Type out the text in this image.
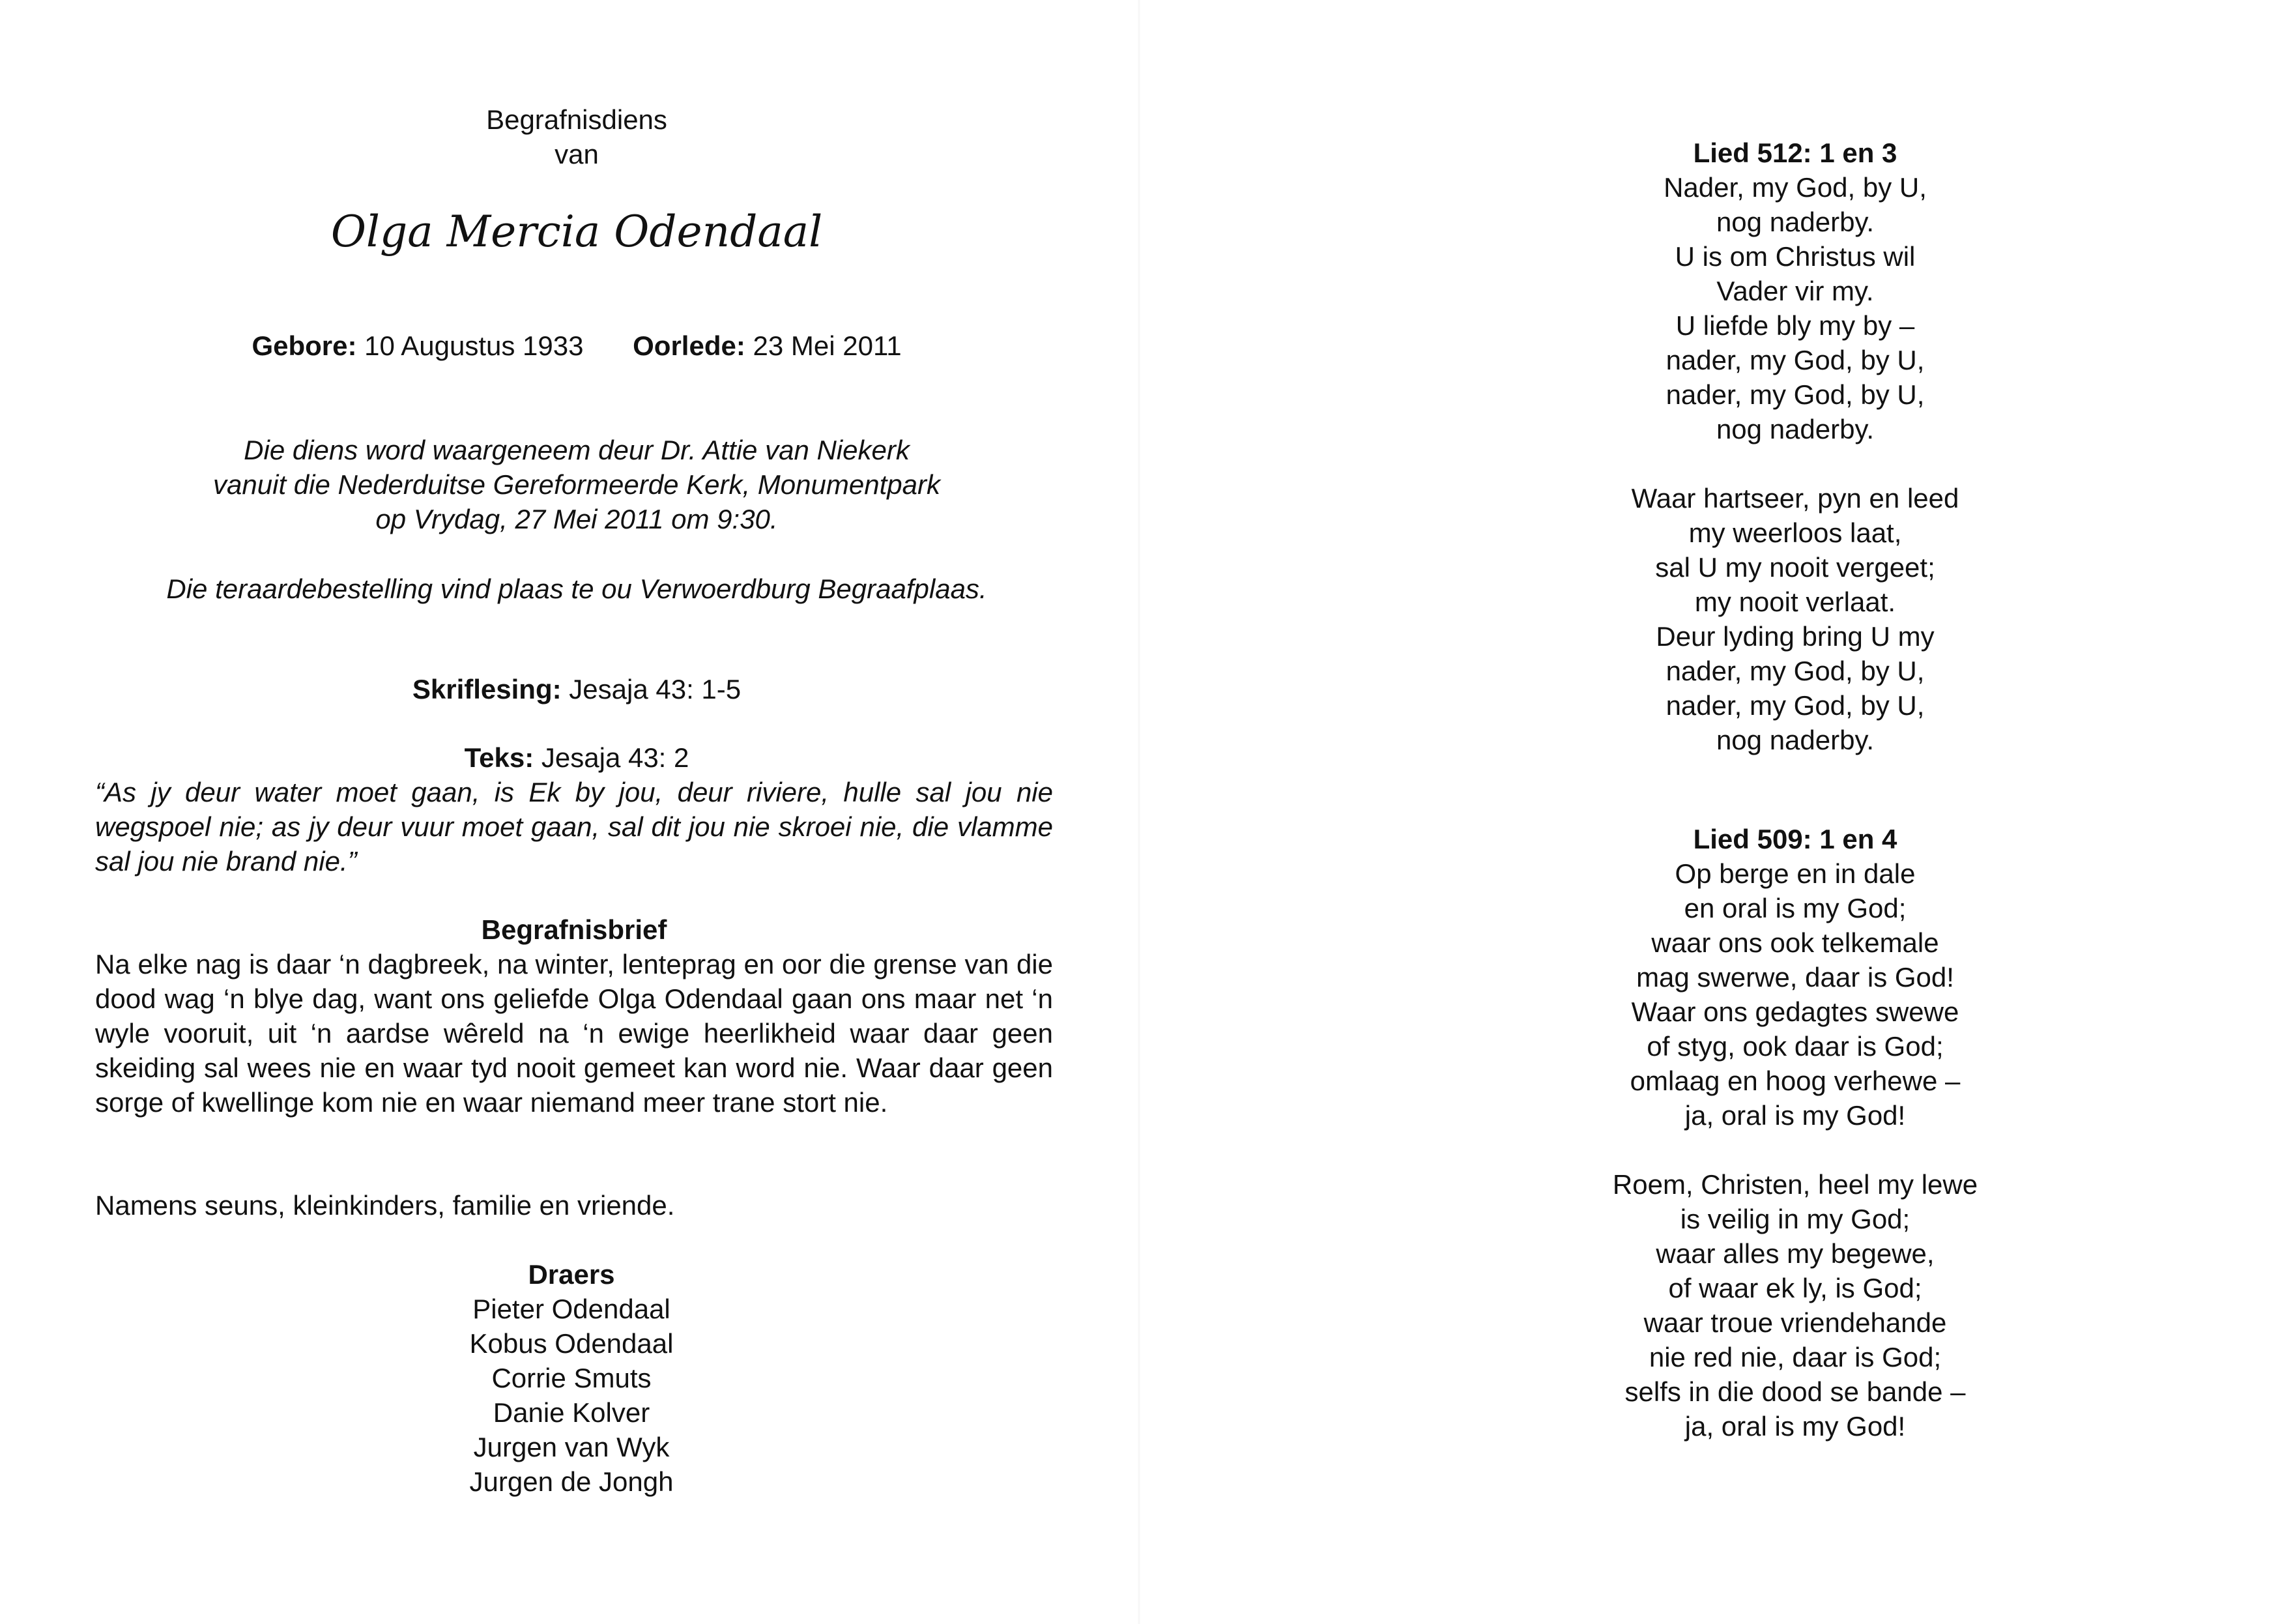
Begrafnisdiens
van
Olga Mercia Odendaal
Gebore: 10 Augustus 1933 Oorlede: 23 Mei 2011
Die diens word waargeneem deur Dr. Attie van Niekerk
vanuit die Nederduitse Gereformeerde Kerk, Monumentpark
op Vrydag, 27 Mei 2011 om 9:30.
Die teraardebestelling vind plaas te ou Verwoerdburg Begraafplaas.
Skriflesing: Jesaja 43: 1-5
Teks: Jesaja 43: 2
“As jy deur water moet gaan, is Ek by jou, deur riviere, hulle sal jou nie wegspoel nie; as jy deur vuur moet gaan, sal dit jou nie skroei nie, die vlamme sal jou nie brand nie.”
Begrafnisbrief
Na elke nag is daar ‘n dagbreek, na winter, lenteprag en oor die grense van die dood wag ‘n blye dag, want ons geliefde Olga Odendaal gaan ons maar net ‘n wyle vooruit, uit ‘n aardse wêreld na ‘n ewige heerlikheid waar daar geen skeiding sal wees nie en waar tyd nooit gemeet kan word nie. Waar daar geen sorge of kwellinge kom nie en waar niemand meer trane stort nie.
Namens seuns, kleinkinders, familie en vriende.
Draers
Pieter Odendaal
Kobus Odendaal
Corrie Smuts
Danie Kolver
Jurgen van Wyk
Jurgen de Jongh
Lied 512: 1 en 3
Nader, my God, by U,
nog naderby.
U is om Christus wil
Vader vir my.
U liefde bly my by –
nader, my God, by U,
nader, my God, by U,
nog naderby.
Waar hartseer, pyn en leed
my weerloos laat,
sal U my nooit vergeet;
my nooit verlaat.
Deur lyding bring U my
nader, my God, by U,
nader, my God, by U,
nog naderby.
Lied 509: 1 en 4
Op berge en in dale
en oral is my God;
waar ons ook telkemale
mag swerwe, daar is God!
Waar ons gedagtes swewe
of styg, ook daar is God;
omlaag en hoog verhewe –
ja, oral is my God!
Roem, Christen, heel my lewe
is veilig in my God;
waar alles my begewe,
of waar ek ly, is God;
waar troue vriendehande
nie red nie, daar is God;
selfs in die dood se bande –
ja, oral is my God!
